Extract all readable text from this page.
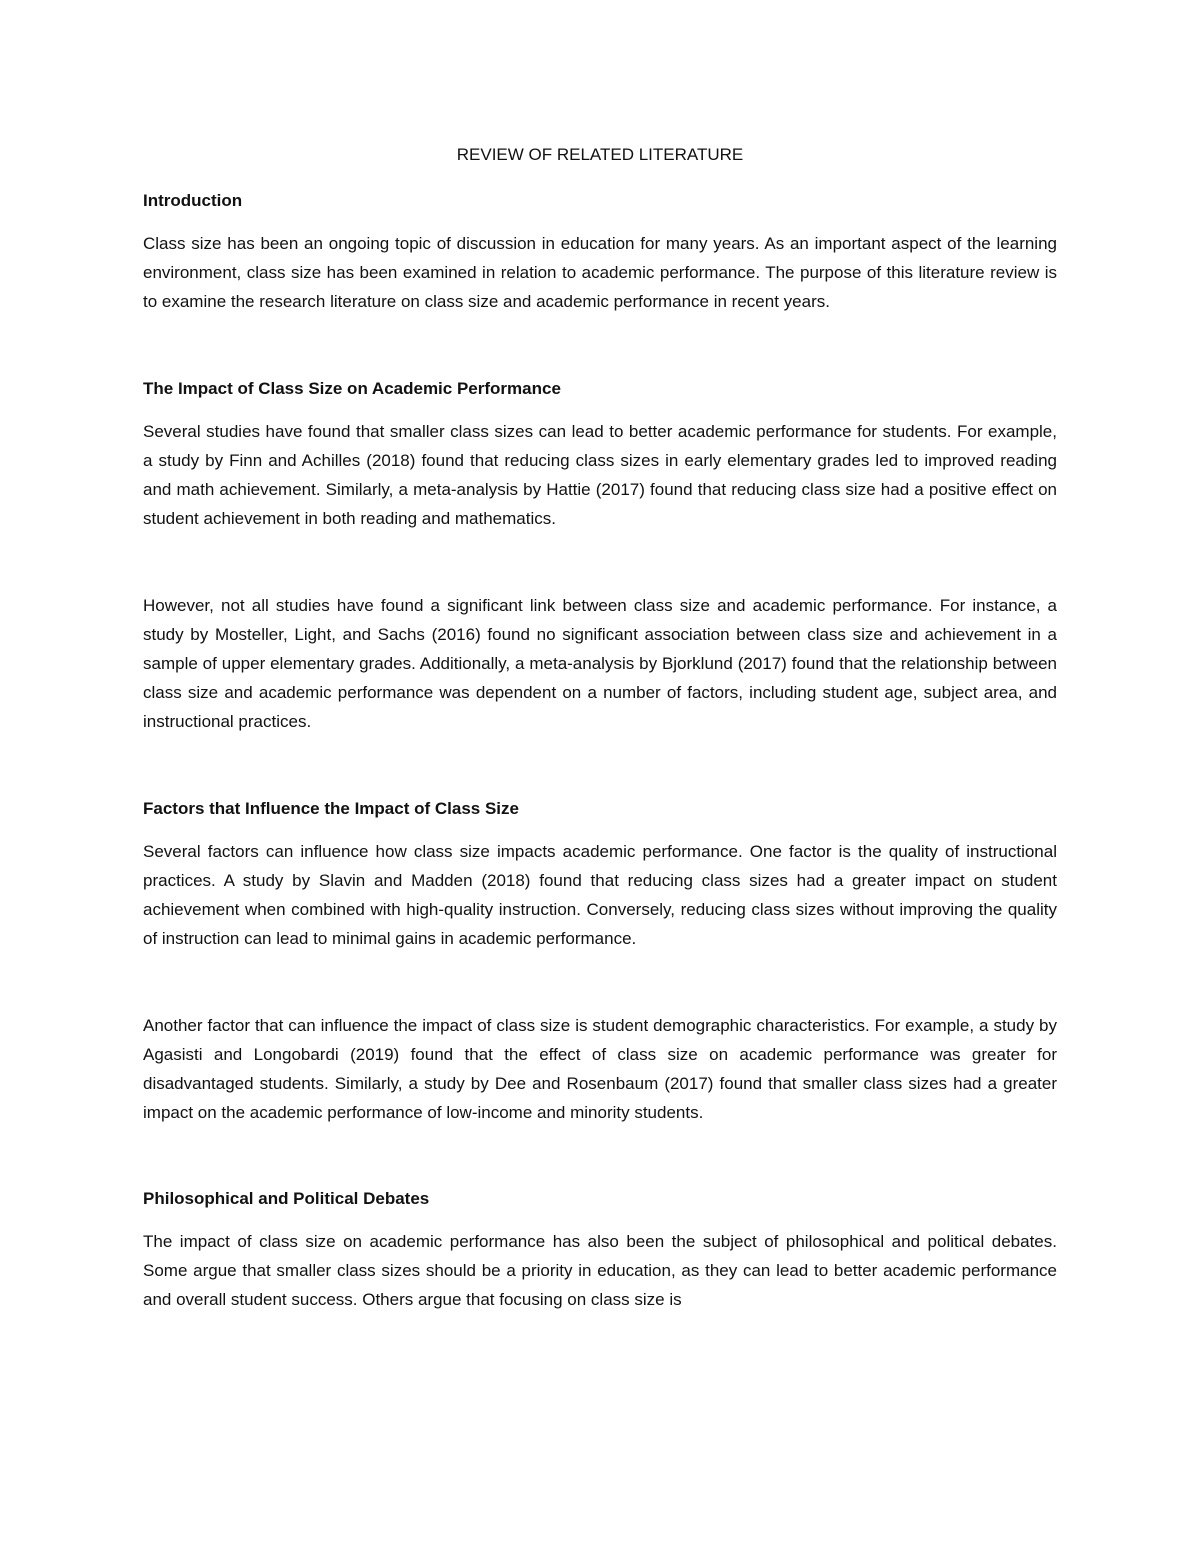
REVIEW OF RELATED LITERATURE
Introduction

Class size has been an ongoing topic of discussion in education for many years. As an important aspect of the learning environment, class size has been examined in relation to academic performance. The purpose of this literature review is to examine the research literature on class size and academic performance in recent years.

The Impact of Class Size on Academic Performance

Several studies have found that smaller class sizes can lead to better academic performance for students. For example, a study by Finn and Achilles (2018) found that reducing class sizes in early elementary grades led to improved reading and math achievement. Similarly, a meta-analysis by Hattie (2017) found that reducing class size had a positive effect on student achievement in both reading and mathematics.

However, not all studies have found a significant link between class size and academic performance. For instance, a study by Mosteller, Light, and Sachs (2016) found no significant association between class size and achievement in a sample of upper elementary grades. Additionally, a meta-analysis by Bjorklund (2017) found that the relationship between class size and academic performance was dependent on a number of factors, including student age, subject area, and instructional practices.

Factors that Influence the Impact of Class Size

Several factors can influence how class size impacts academic performance. One factor is the quality of instructional practices. A study by Slavin and Madden (2018) found that reducing class sizes had a greater impact on student achievement when combined with high-quality instruction. Conversely, reducing class sizes without improving the quality of instruction can lead to minimal gains in academic performance.

Another factor that can influence the impact of class size is student demographic characteristics. For example, a study by Agasisti and Longobardi (2019) found that the effect of class size on academic performance was greater for disadvantaged students. Similarly, a study by Dee and Rosenbaum (2017) found that smaller class sizes had a greater impact on the academic performance of low-income and minority students.

Philosophical and Political Debates

The impact of class size on academic performance has also been the subject of philosophical and political debates. Some argue that smaller class sizes should be a priority in education, as they can lead to better academic performance and overall student success. Others argue that focusing on class size is
